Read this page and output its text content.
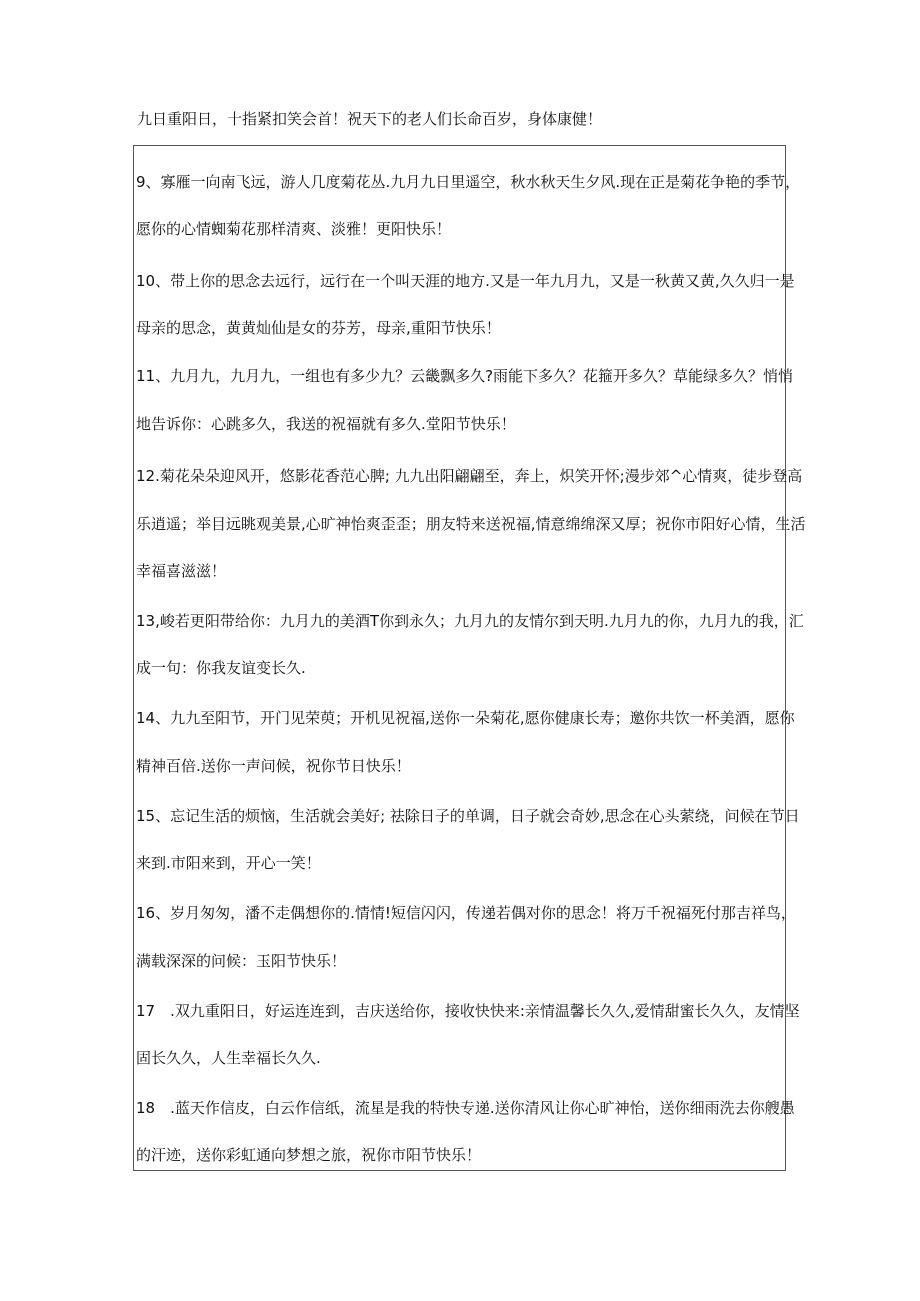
九日重阳日，十指紧扣笑会首！祝天下的老人们长命百岁，身体康健！
9、寡雁一向南飞远，游人几度菊花丛.九月九日里遥空，秋水秋天生夕风.现在正是菊花争艳的季节，
愿你的心情蜘菊花那样清爽、淡雅！更阳快乐！
10、带上你的思念去远行，远行在一个叫天涯的地方.又是一年九月九，又是一秋黄又黄,久久归一是
母亲的思念，黄黄灿仙是女的芬芳，母亲,重阳节快乐！
11、九月九，九月九，一组也有多少九？云畿飘多久?雨能下多久？花箍开多久？草能绿多久？悄悄
地告诉你：心跳多久，我送的祝福就有多久.堂阳节快乐！
12.菊花朵朵迎风开，悠影花香范心脾; 九九出阳翩翩至，奔上，炽笑开怀;漫步郊^心情爽，徒步登高
乐逍遥；举目远眺观美景,心旷神怡爽歪歪；朋友特来送祝福,情意绵绵深又厚；祝你市阳好心情，生活
幸福喜滋滋！
13,峻若更阳带给你：九月九的美酒T你到永久；九月九的友情尔到天明.九月九的你，九月九的我，汇
成一句：你我友谊变长久.
14、九九至阳节，开门见荣萸；开机见祝福,送你一朵菊花,愿你健康长寿；邀你共饮一杯美酒，愿你
精神百倍.送你一声问候，祝你节日快乐！
15、忘记生活的烦恼，生活就会美好; 祛除日子的单调，日子就会奇妙,思念在心头萦绕，问候在节日
来到.市阳来到，开心一笑！
16、岁月匆匆，潘不走偶想你的.情情!短信闪闪，传递若偶对你的思念！将万千祝福死付那吉祥鸟，
满载深深的问候：玉阳节快乐！
17　.双九重阳日，好运连连到，吉庆送给你，接收快快来:亲情温馨长久久,爱情甜蜜长久久，友情坚
固长久久，人生幸福长久久.
18　.蓝天作信皮，白云作信纸，流星是我的特快专递.送你清风让你心旷神怡，送你细雨洗去你艘愚
的汗迹，送你彩虹通向梦想之旅，祝你市阳节快乐！
